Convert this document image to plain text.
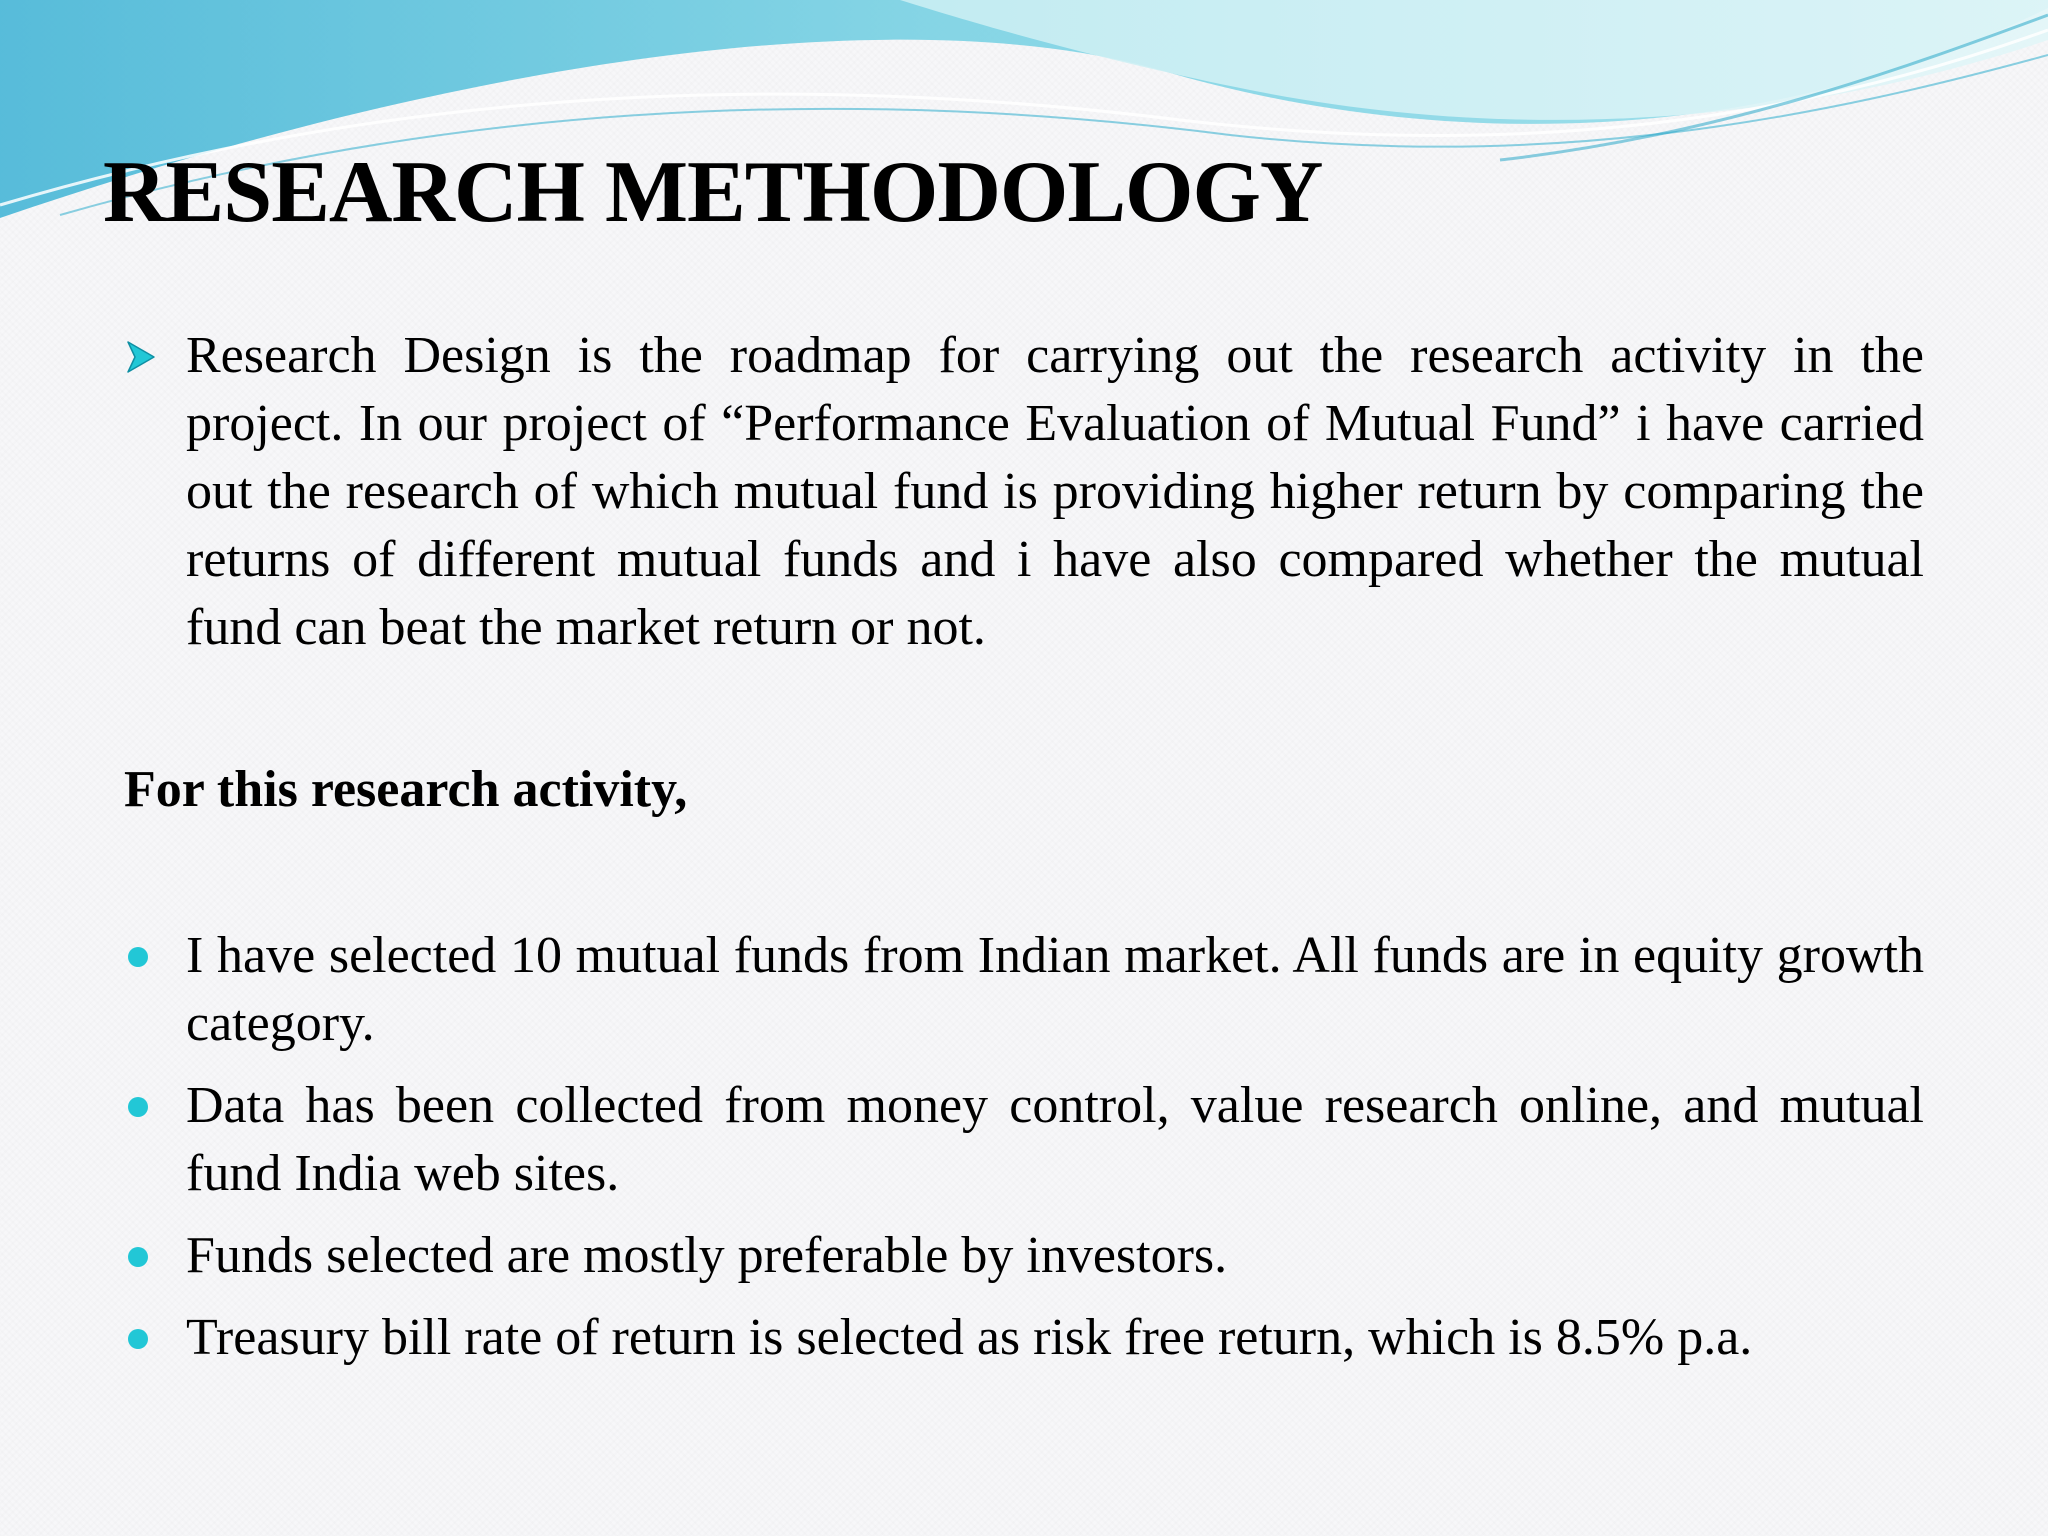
RESEARCH METHODOLOGY

Research Design is the roadmap for carrying out the research activity in the project. In our project of “Performance Evaluation of Mutual Fund” i have carried out the research of which mutual fund is providing higher return by comparing the returns of different mutual funds and i have also compared whether the mutual fund can beat the market return or not.

For this research activity,

I have selected 10 mutual funds from Indian market. All funds are in equity growth category.
Data has been collected from money control, value research online, and mutual fund India web sites.
Funds selected are mostly preferable by investors.
Treasury bill rate of return is selected as risk free return, which is 8.5% p.a.
